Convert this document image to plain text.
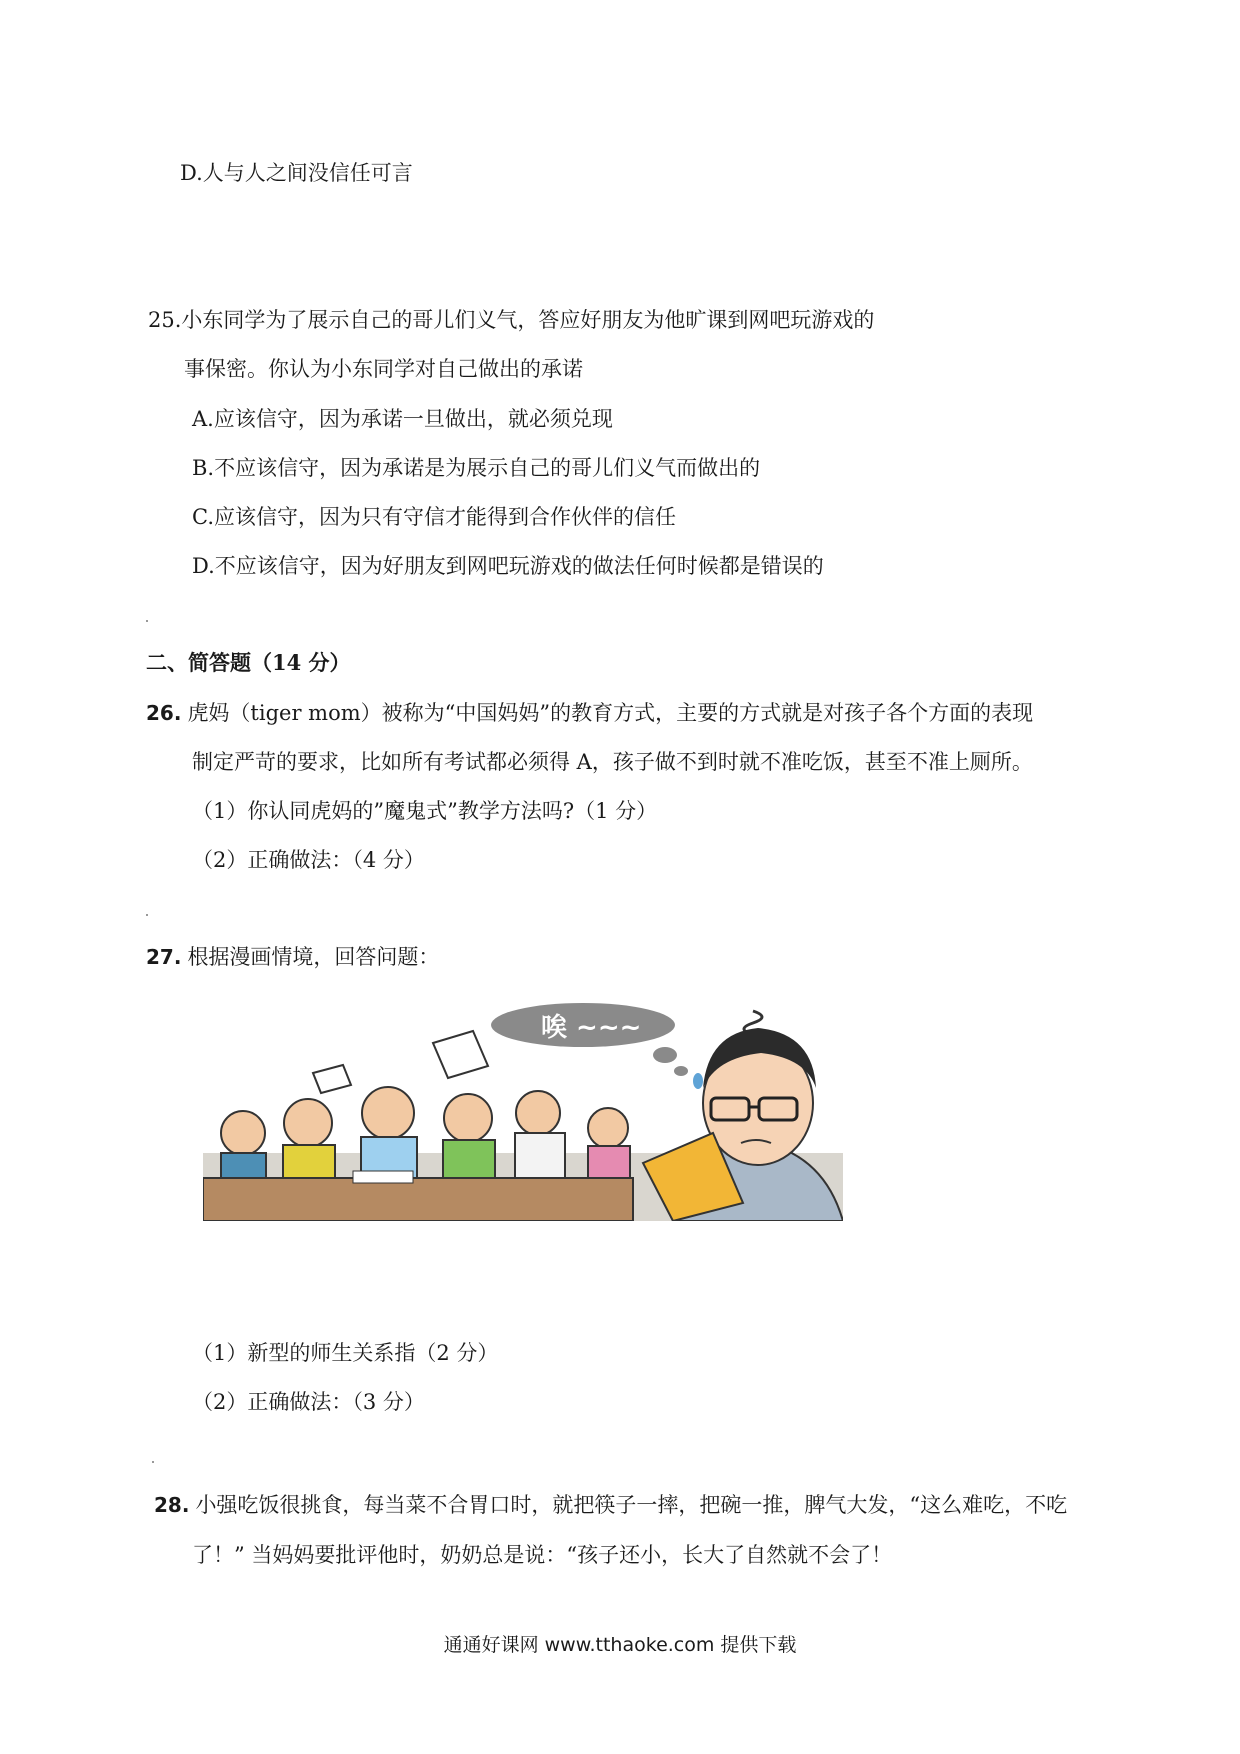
D.人与人之间没信任可言
25.小东同学为了展示自己的哥儿们义气，答应好朋友为他旷课到网吧玩游戏的
事保密。你认为小东同学对自己做出的承诺
A.应该信守，因为承诺一旦做出，就必须兑现
B.不应该信守，因为承诺是为展示自己的哥儿们义气而做出的
C.应该信守，因为只有守信才能得到合作伙伴的信任
D.不应该信守，因为好朋友到网吧玩游戏的做法任何时候都是错误的
二、简答题（14 分）
26. 虎妈（tiger mom）被称为“中国妈妈”的教育方式，主要的方式就是对孩子各个方面的表现
制定严苛的要求，比如所有考试都必须得 A，孩子做不到时就不准吃饭，甚至不准上厕所。
（1）你认同虎妈的”魔鬼式”教学方法吗?（1 分）
（2）正确做法：（4 分）
27. 根据漫画情境，回答问题：
唉 ~~~
（1）新型的师生关系指（2 分）
（2）正确做法：（3 分）
28. 小强吃饭很挑食，每当菜不合胃口时，就把筷子一摔，把碗一推，脾气大发，“这么难吃，不吃
了！” 当妈妈要批评他时，奶奶总是说：“孩子还小，长大了自然就不会了！
通通好课网 www.tthaoke.com 提供下载
